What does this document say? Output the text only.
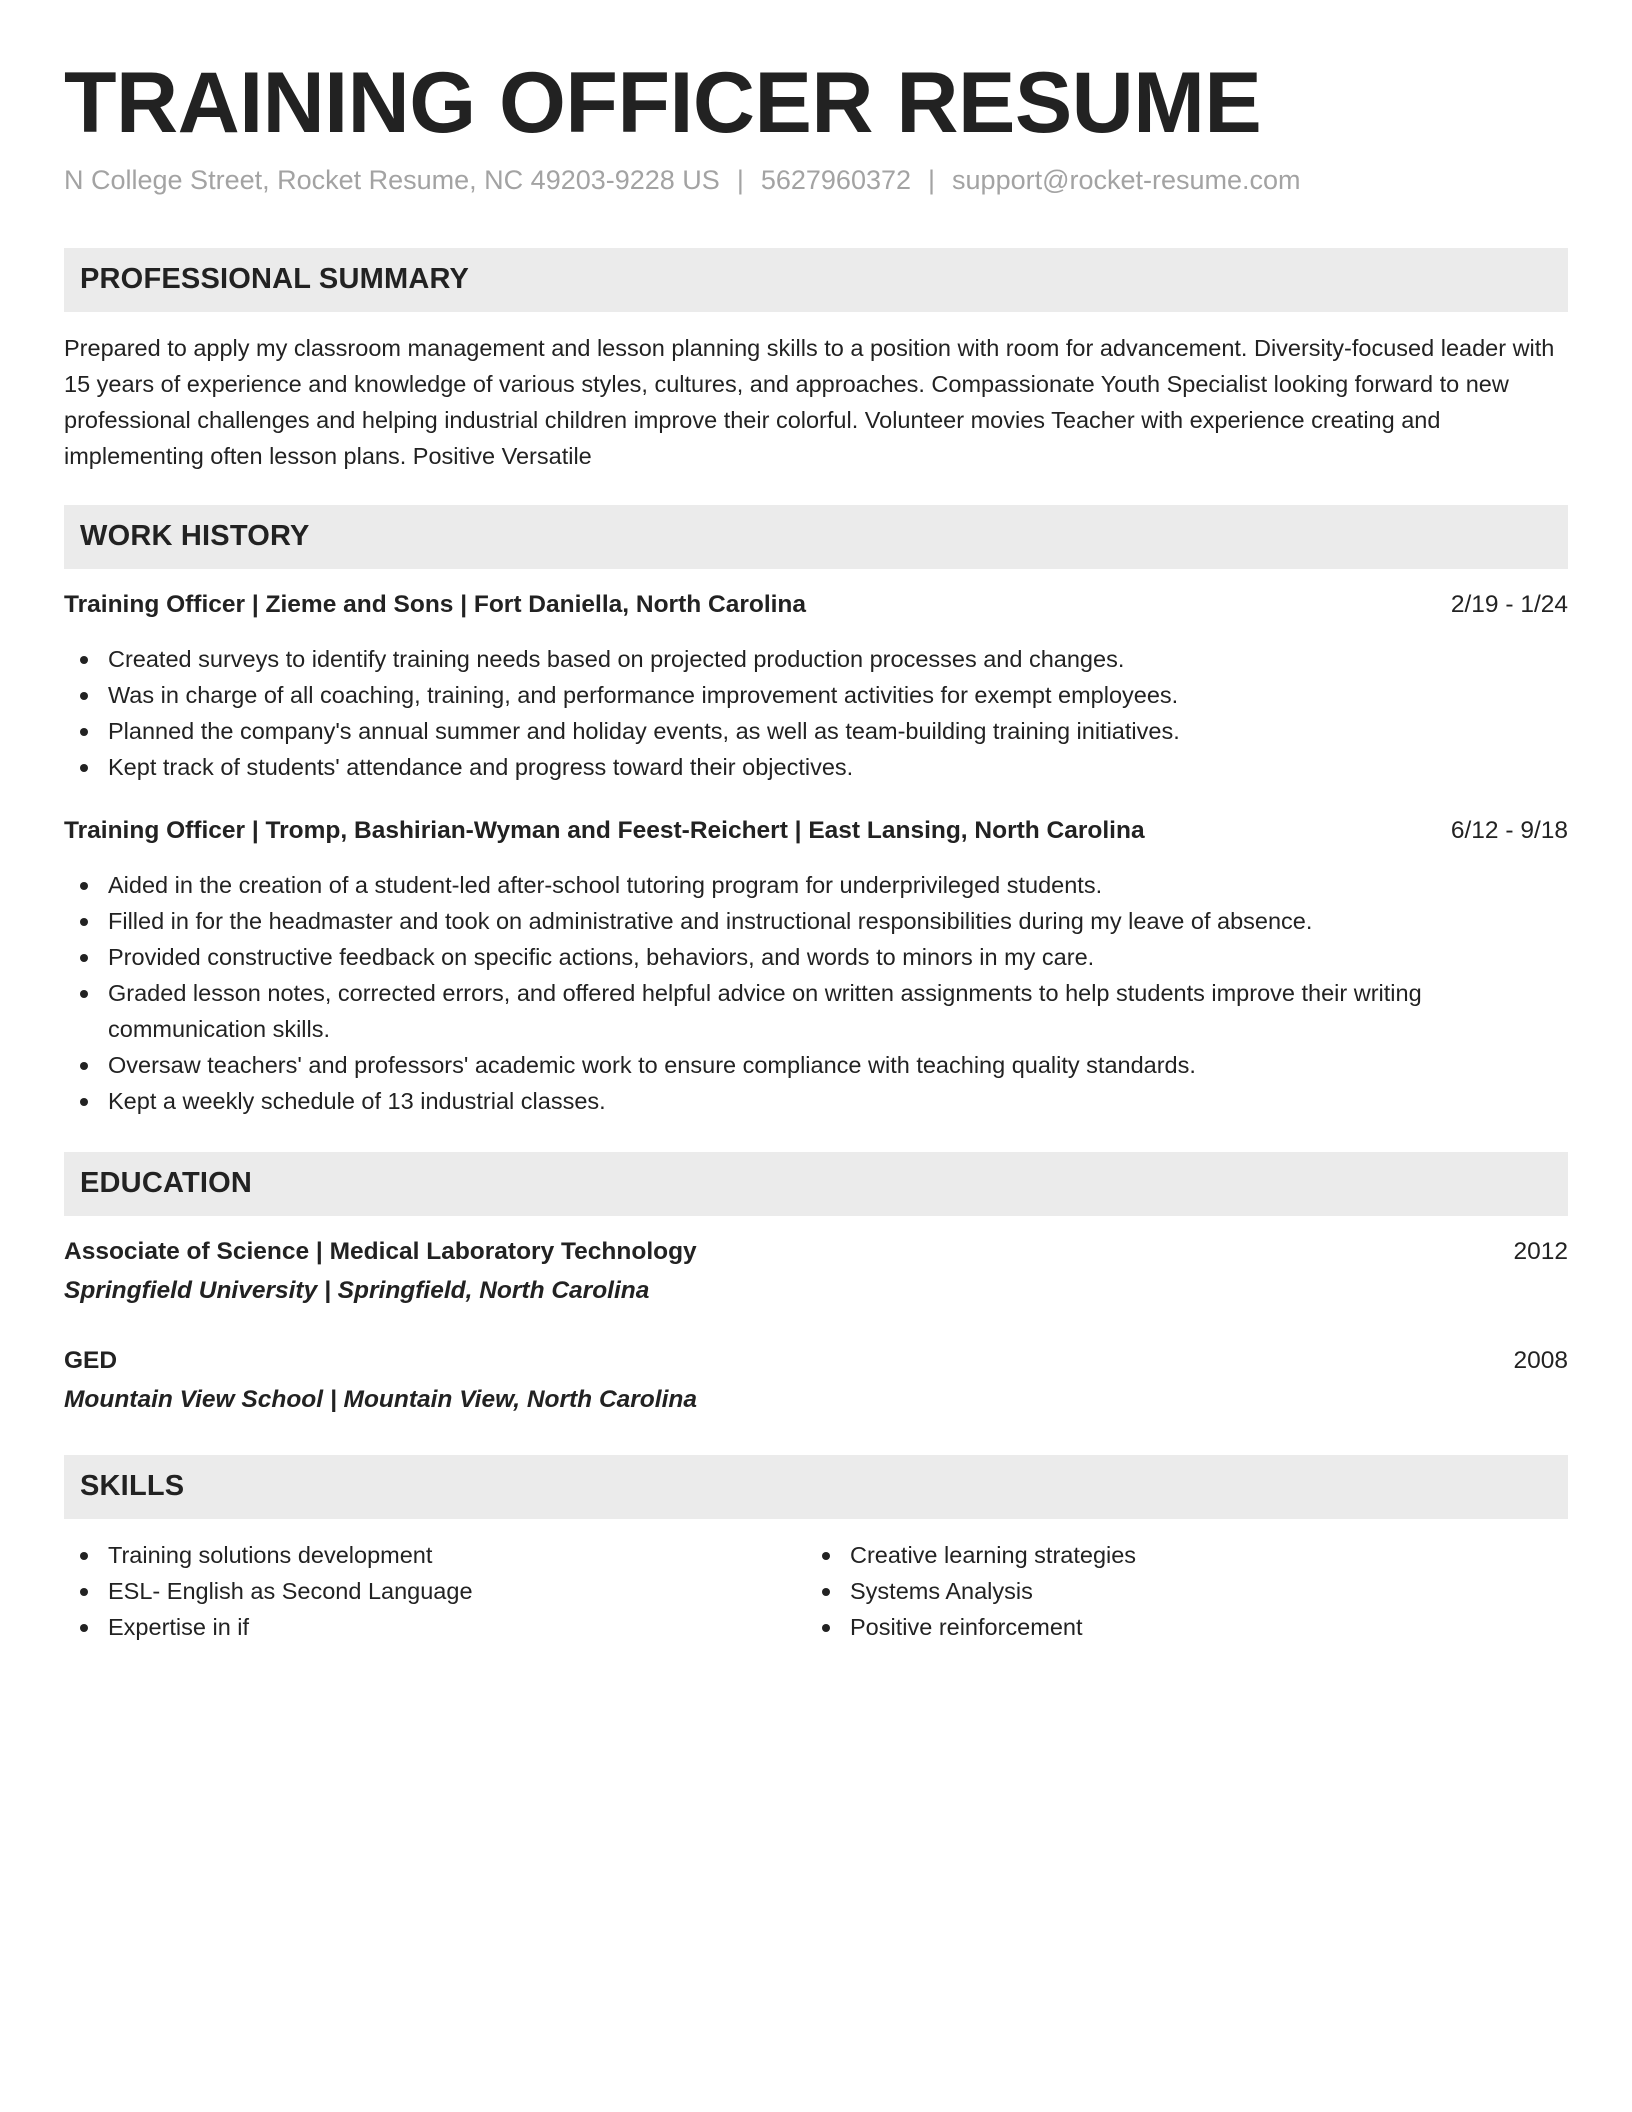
TRAINING OFFICER RESUME
N College Street, Rocket Resume, NC 49203-9228 US | 5627960372 | support@rocket-resume.com
PROFESSIONAL SUMMARY

Prepared to apply my classroom management and lesson planning skills to a position with room for advancement. Diversity-focused leader with 15 years of experience and knowledge of various styles, cultures, and approaches. Compassionate Youth Specialist looking forward to new professional challenges and helping industrial children improve their colorful. Volunteer movies Teacher with experience creating and implementing often lesson plans. Positive Versatile

WORK HISTORY
Training Officer | Zieme and Sons | Fort Daniella, North Carolina	2/19 - 1/24
Created surveys to identify training needs based on projected production processes and changes.
Was in charge of all coaching, training, and performance improvement activities for exempt employees.
Planned the company's annual summer and holiday events, as well as team-building training initiatives.
Kept track of students' attendance and progress toward their objectives.
Training Officer | Tromp, Bashirian-Wyman and Feest-Reichert | East Lansing, North Carolina	6/12 - 9/18
Aided in the creation of a student-led after-school tutoring program for underprivileged students.
Filled in for the headmaster and took on administrative and instructional responsibilities during my leave of absence.
Provided constructive feedback on specific actions, behaviors, and words to minors in my care.
Graded lesson notes, corrected errors, and offered helpful advice on written assignments to help students improve their writing communication skills.
Oversaw teachers' and professors' academic work to ensure compliance with teaching quality standards.
Kept a weekly schedule of 13 industrial classes.
EDUCATION
Associate of Science | Medical Laboratory Technology	2012
Springfield University | Springfield, North Carolina
GED	2008
Mountain View School | Mountain View, North Carolina
SKILLS
Training solutions development
ESL- English as Second Language
Expertise in if
Creative learning strategies
Systems Analysis
Positive reinforcement
